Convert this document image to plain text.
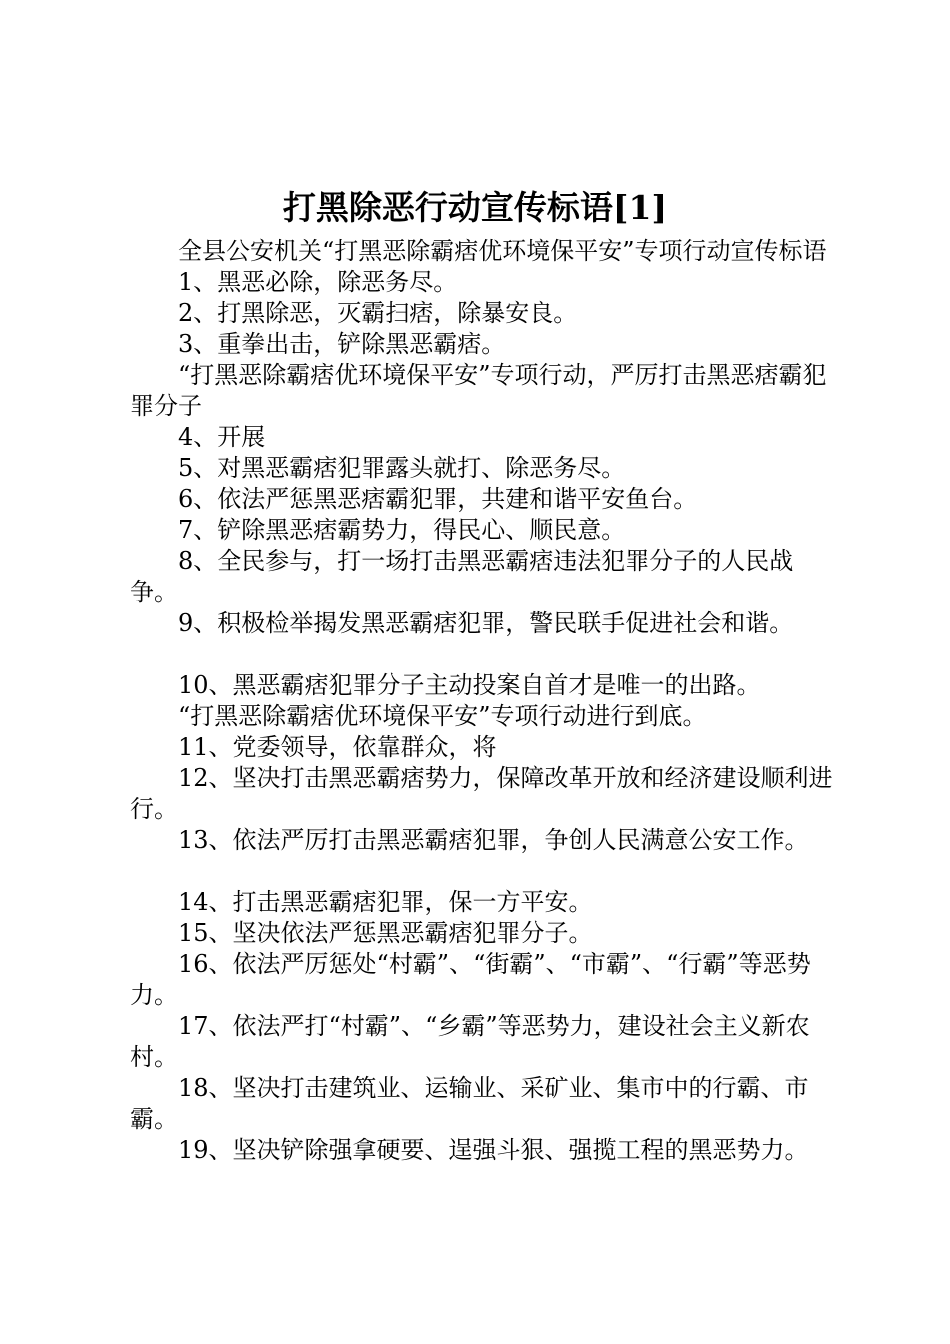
打黑除恶行动宣传标语[1]

全县公安机关“打黑恶除霸痞优环境保平安”专项行动宣传标语

1、黑恶必除，除恶务尽。

2、打黑除恶，灭霸扫痞，除暴安良。

3、重拳出击，铲除黑恶霸痞。

“打黑恶除霸痞优环境保平安”专项行动，严厉打击黑恶痞霸犯罪分子

4、开展

5、对黑恶霸痞犯罪露头就打、除恶务尽。

6、依法严惩黑恶痞霸犯罪，共建和谐平安鱼台。

7、铲除黑恶痞霸势力，得民心、顺民意。

8、全民参与，打一场打击黑恶霸痞违法犯罪分子的人民战争。

9、积极检举揭发黑恶霸痞犯罪，警民联手促进社会和谐。

10、黑恶霸痞犯罪分子主动投案自首才是唯一的出路。

“打黑恶除霸痞优环境保平安”专项行动进行到底。

11、党委领导，依靠群众，将

12、坚决打击黑恶霸痞势力，保障改革开放和经济建设顺利进行。

13、依法严厉打击黑恶霸痞犯罪，争创人民满意公安工作。

14、打击黑恶霸痞犯罪，保一方平安。

15、坚决依法严惩黑恶霸痞犯罪分子。

16、依法严厉惩处“村霸”、“街霸”、“市霸”、“行霸”等恶势力。

17、依法严打“村霸”、“乡霸”等恶势力，建设社会主义新农村。

18、坚决打击建筑业、运输业、采矿业、集市中的行霸、市霸。

19、坚决铲除强拿硬要、逞强斗狠、强揽工程的黑恶势力。
